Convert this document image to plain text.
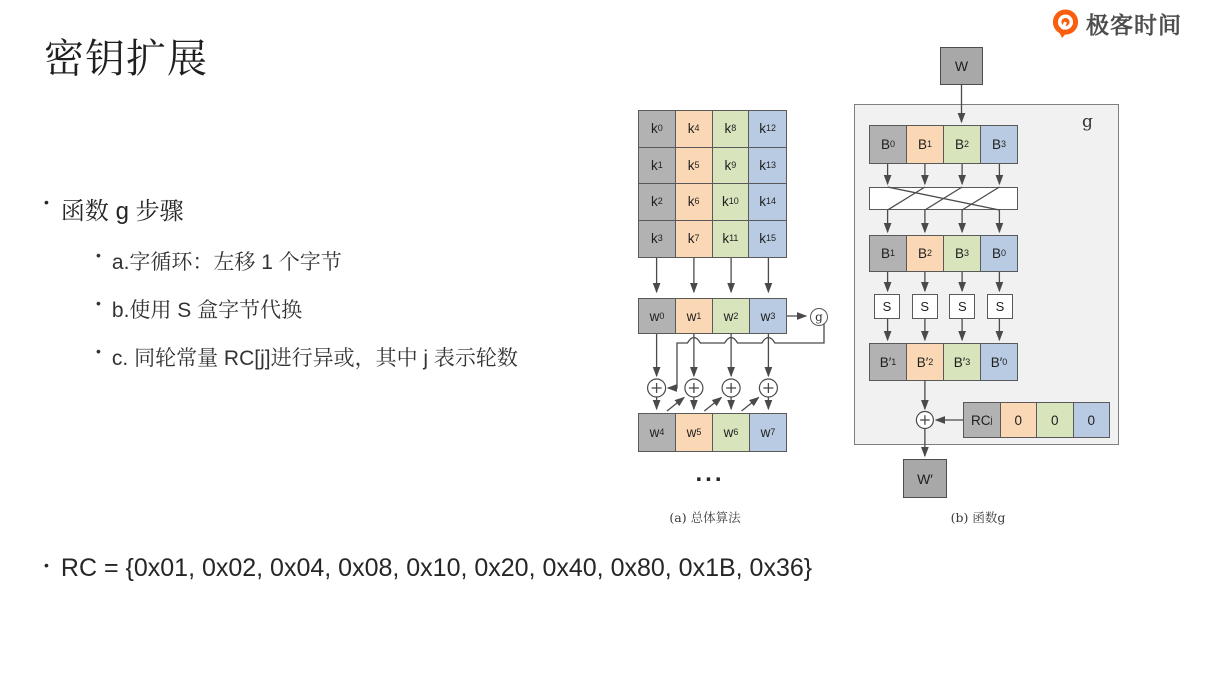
密钥扩展
极客时间
• 函数 g 步骤
• a.字循环：左移 1 个字节
• b.使用 S 盒字节代换
• c. 同轮常量 RC[j]进行异或，其中 j 表示轮数
• RC = {0x01, 0x02, 0x04, 0x08, 0x10, 0x20, 0x40, 0x80, 0x1B, 0x36}
k 0 k 4 k 8 k 12
k 1 k 5 k 9 k 13
k 2 k 6 k 10 k 14
k 3 k 7 k 11 k 15
w 0 w 1 w 2 w 3	g
w 4 w 5 w 6 w 7
...
(a) 总体算法
g
W
B 0 B 1 B 2 B 3
B 1 B 2 B 3 B 0
S S S S
B′ 1 B′ 2 B′ 3 B′ 0
RC j 0 0 0
W′
(b) 函数g
